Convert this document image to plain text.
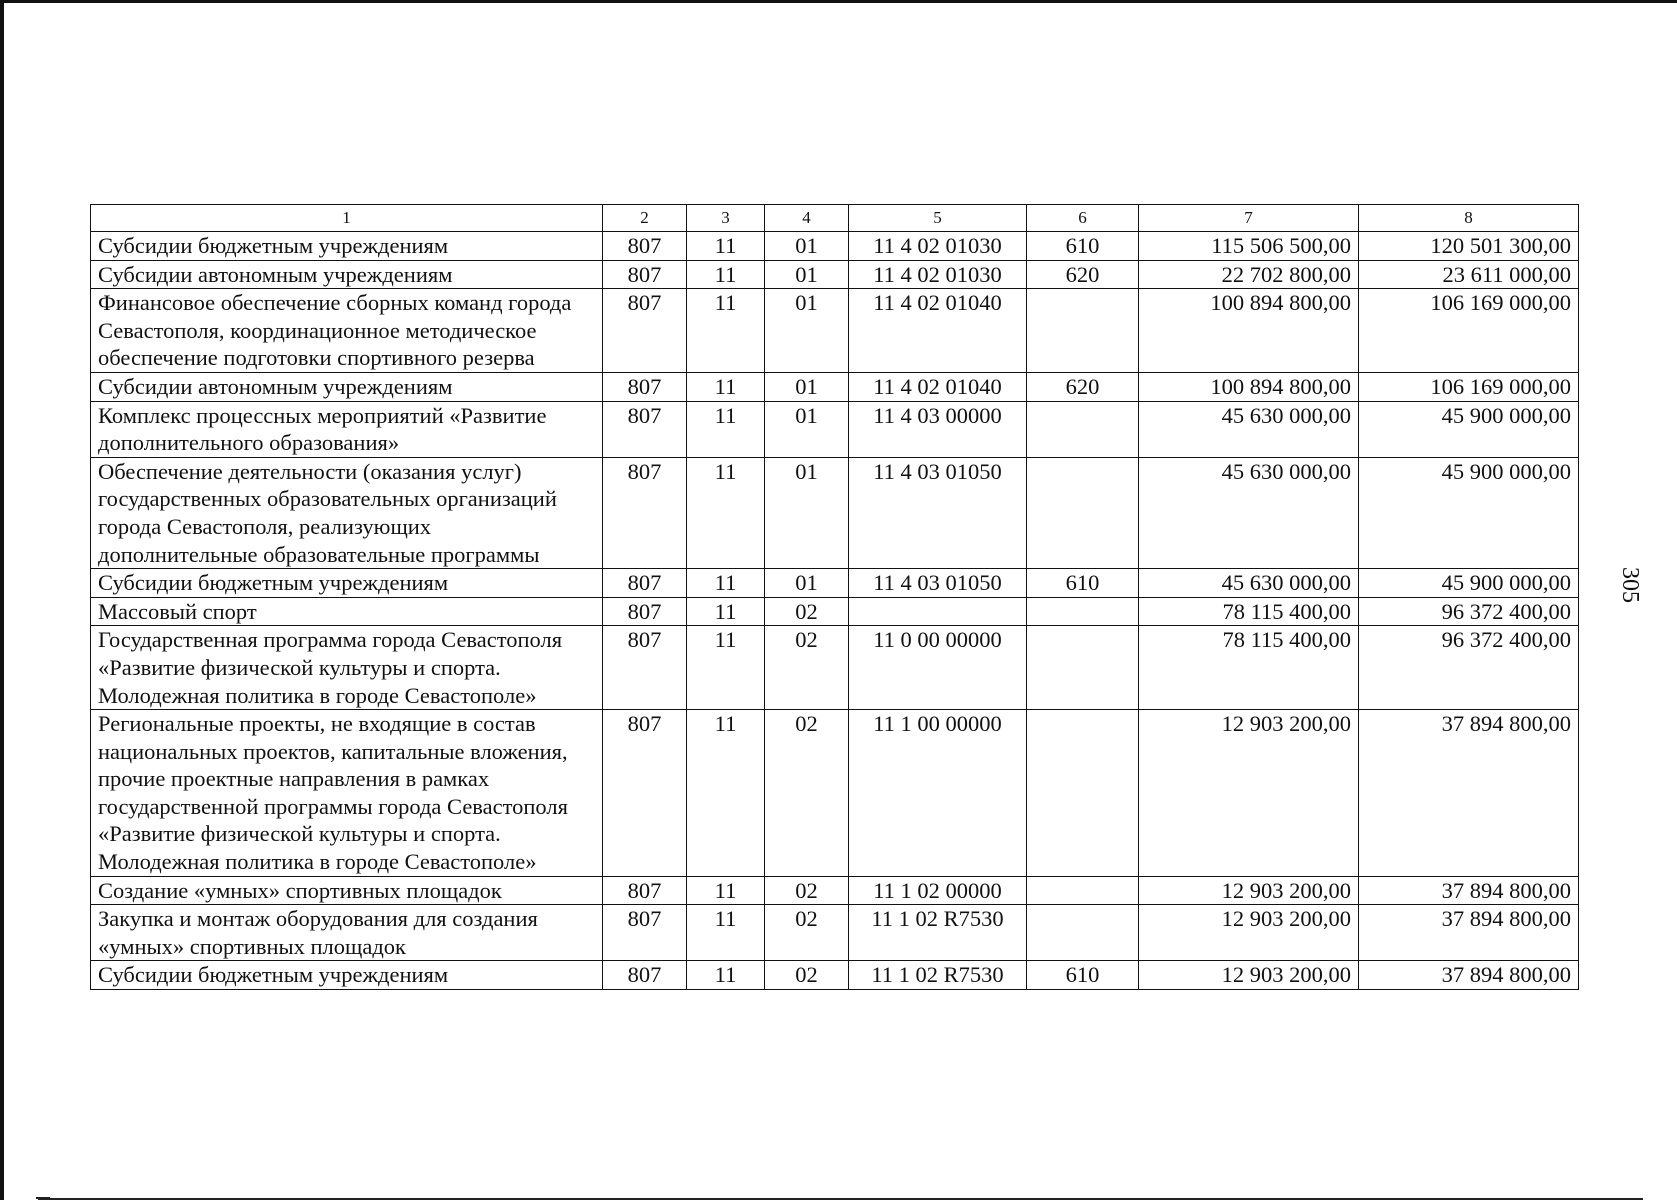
1	2	3	4	5	6	7	8
Субсидии бюджетным учреждениям	807	11	01	11 4 02 01030	610	115 506 500,00	120 501 300,00
Субсидии автономным учреждениям	807	11	01	11 4 02 01030	620	22 702 800,00	23 611 000,00
Финансовое обеспечение сборных команд города Севастополя, координационное методическое обеспечение подготовки спортивного резерва	807	11	01	11 4 02 01040		100 894 800,00	106 169 000,00
Субсидии автономным учреждениям	807	11	01	11 4 02 01040	620	100 894 800,00	106 169 000,00
Комплекс процессных мероприятий «Развитие дополнительного образования»	807	11	01	11 4 03 00000		45 630 000,00	45 900 000,00
Обеспечение деятельности (оказания услуг) государственных образовательных организаций города Севастополя, реализующих дополнительные образовательные программы	807	11	01	11 4 03 01050		45 630 000,00	45 900 000,00
Субсидии бюджетным учреждениям	807	11	01	11 4 03 01050	610	45 630 000,00	45 900 000,00
Массовый спорт	807	11	02			78 115 400,00	96 372 400,00
Государственная программа города Севастополя «Развитие физической культуры и спорта. Молодежная политика в городе Севастополе»	807	11	02	11 0 00 00000		78 115 400,00	96 372 400,00
Региональные проекты, не входящие в состав национальных проектов, капитальные вложения, прочие проектные направления в рамках государственной программы города Севастополя «Развитие физической культуры и спорта. Молодежная политика в городе Севастополе»	807	11	02	11 1 00 00000		12 903 200,00	37 894 800,00
Создание «умных» спортивных площадок	807	11	02	11 1 02 00000		12 903 200,00	37 894 800,00
Закупка и монтаж оборудования для создания «умных» спортивных площадок	807	11	02	11 1 02 R7530		12 903 200,00	37 894 800,00
Субсидии бюджетным учреждениям	807	11	02	11 1 02 R7530	610	12 903 200,00	37 894 800,00
305
